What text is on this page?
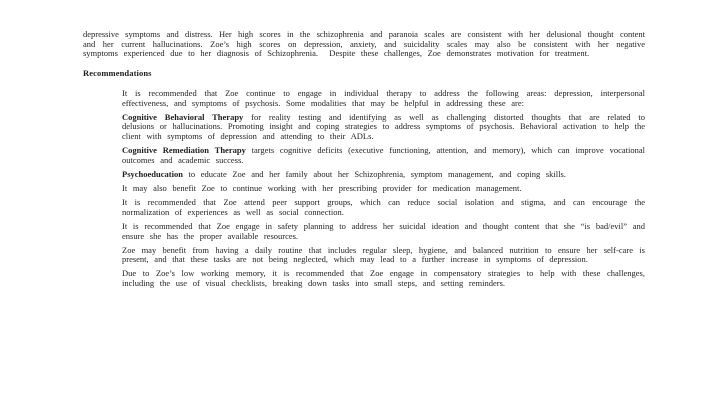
depressive symptoms and distress. Her high scores in the schizophrenia and paranoia scales are consistent with her delusional thought content and her current hallucinations. Zoe’s high scores on depression, anxiety, and suicidality scales may also be consistent with her negative symptoms experienced due to her diagnosis of Schizophrenia.  Despite these challenges, Zoe demonstrates motivation for treatment.

Recommendations

It is recommended that Zoe continue to engage in individual therapy to address the following areas: depression, interpersonal effectiveness, and symptoms of psychosis. Some modalities that may be helpful in addressing these are:

Cognitive Behavioral Therapy for reality testing and identifying as well as challenging distorted thoughts that are related to delusions or hallucinations. Promoting insight and coping strategies to address symptoms of psychosis. Behavioral activation to help the client with symptoms of depression and attending to their ADLs.

Cognitive Remediation Therapy targets cognitive deficits (executive functioning, attention, and memory), which can improve vocational outcomes and academic success.

Psychoeducation to educate Zoe and her family about her Schizophrenia, symptom management, and coping skills.

It may also benefit Zoe to continue working with her prescribing provider for medication management.

It is recommended that Zoe attend peer support groups, which can reduce social isolation and stigma, and can encourage the normalization of experiences as well as social connection.

It is recommended that Zoe engage in safety planning to address her suicidal ideation and thought content that she “is bad/evil” and ensure she has the proper available resources.

Zoe may benefit from having a daily routine that includes regular sleep, hygiene, and balanced nutrition to ensure her self-care is present, and that these tasks are not being neglected, which may lead to a further increase in symptoms of depression.

Due to Zoe’s low working memory, it is recommended that Zoe engage in compensatory strategies to help with these challenges, including the use of visual checklists, breaking down tasks into small steps, and setting reminders.
